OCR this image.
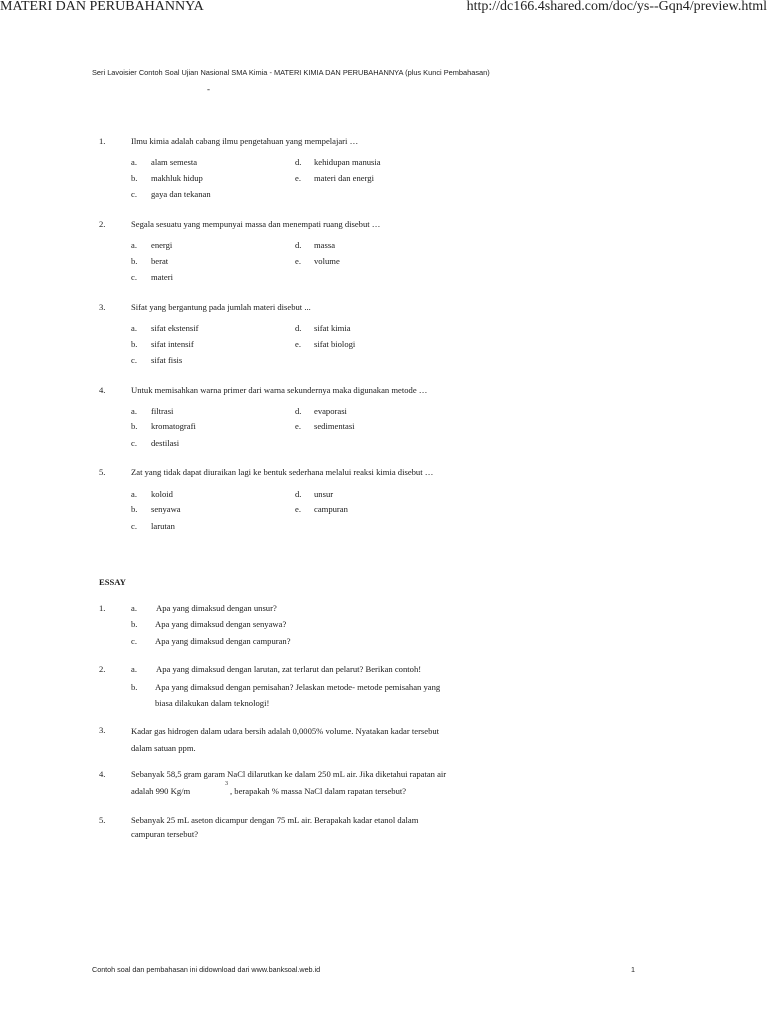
MATERI DAN PERUBAHANNYA	http://dc166.4shared.com/doc/ys--Gqn4/preview.html
Seri Lavoisier Contoh Soal Ujian Nasional SMA Kimia - MATERI KIMIA DAN PERUBAHANNYA (plus Kunci Pembahasan)
-
1.	Ilmu kimia adalah cabang ilmu pengetahuan yang mempelajari …
a. alam semesta
b. makhluk hidup
c. gaya dan tekanan
d. kehidupan manusia
e. materi dan energi
2.	Segala sesuatu yang mempunyai massa dan menempati ruang disebut …
a. energi
b. berat
c. materi
d. massa
e. volume
3.	Sifat yang bergantung pada jumlah materi disebut ...
a. sifat ekstensif
b. sifat intensif
c. sifat fisis
d. sifat kimia
e. sifat biologi
4.	Untuk memisahkan warna primer dari warna sekundernya maka digunakan metode …
a. filtrasi
b. kromatografi
c. destilasi
d. evaporasi
e. sedimentasi
5.	Zat yang tidak dapat diuraikan lagi ke bentuk sederhana melalui reaksi kimia disebut …
a. koloid
b. senyawa
c. larutan
d. unsur
e. campuran
ESSAY
1.	a. Apa yang dimaksud dengan unsur?
b. Apa yang dimaksud dengan senyawa?
c. Apa yang dimaksud dengan campuran?
2.	a. Apa yang dimaksud dengan larutan, zat terlarut dan pelarut? Berikan contoh!
b. Apa yang dimaksud dengan pemisahan? Jelaskan metode- metode pemisahan yang
biasa dilakukan dalam teknologi!
3.	Kadar gas hidrogen dalam udara bersih adalah 0,0005% volume. Nyatakan kadar tersebut
dalam satuan ppm.
4.	Sebanyak 58,5 gram garam NaCl dilarutkan ke dalam 250 mL air. Jika diketahui rapatan air
adalah 990 Kg/m
3
, berapakah % massa NaCl dalam rapatan tersebut?
5.	Sebanyak 25 mL aseton dicampur dengan 75 mL air. Berapakah kadar etanol dalam
campuran tersebut?
Contoh soal dan pembahasan ini didownload dari www.banksoal.web.id	1
